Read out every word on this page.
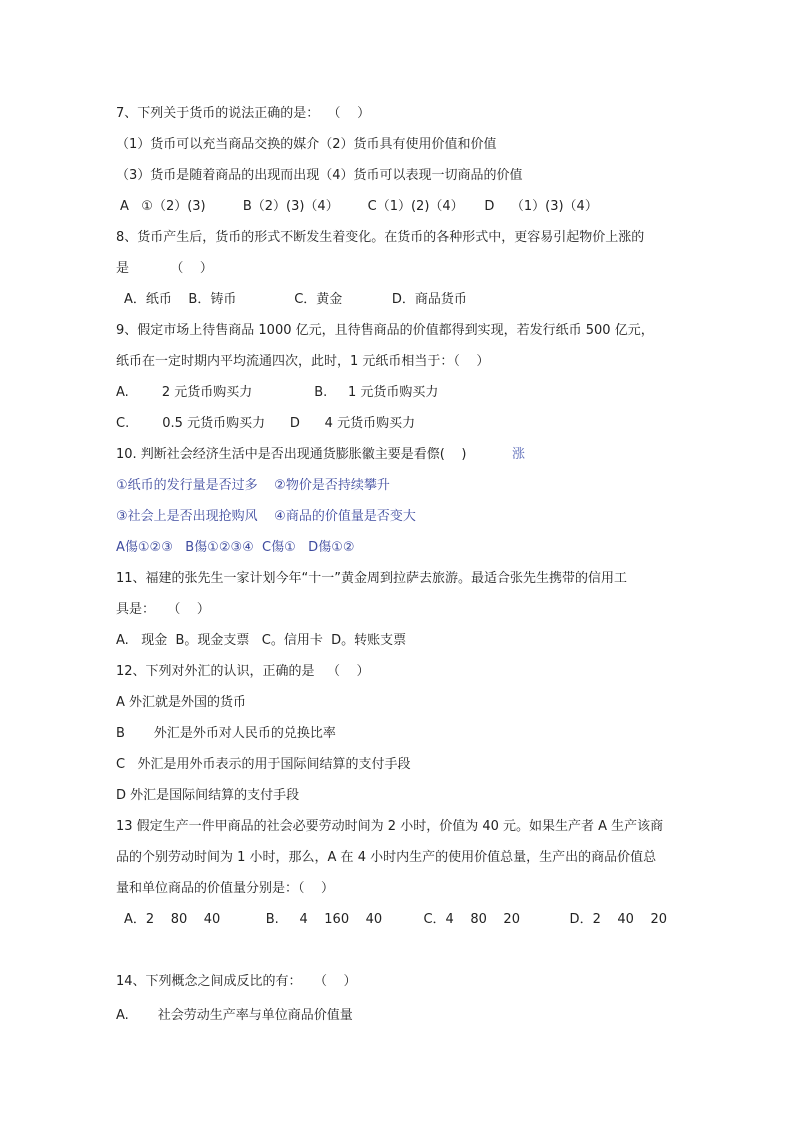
7、下列关于货币的说法正确的是：  （    ）

（1）货币可以充当商品交换的媒介（2）货币具有使用价值和价值

（3）货币是随着商品的出现而出现（4）货币可以表现一切商品的价值

A   ①（2）(3)         B（2）(3)（4）       C（1）(2)（4）     D    （1）(3)（4）

8、货币产生后，货币的形式不断发生着变化。在货币的各种形式中，更容易引起物价上涨的

是          （    ）

A．纸币    B．铸币              C．黄金            D．商品货币

9、假定市场上待售商品 1000 亿元，且待售商品的价值都得到实现，若发行纸币 500 亿元，

纸币在一定时期内平均流通四次，此时，1 元纸币相当于：（    ）

A.        2 元货币购买力               B.     1 元货币购买力

C.        0.5 元货币购买力      D      4 元货币购买力

10. 判断社会经济生活中是否出现通货膨胀徽主要是看傺(    )	涨

①纸币的发行量是否过多    ②物价是否持续攀升

③社会上是否出现抢购风    ④商品的价值量是否变大

A傷①②③   B傷①②③④  C傷①   D傷①②

11、福建的张先生一家计划今年“十一”黄金周到拉萨去旅游。最适合张先生携带的信用工

具是：   （    ）

A.   现金  B。现金支票   C。信用卡  D。转账支票

12、下列对外汇的认识，正确的是   （    ）

A 外汇就是外国的货币

B       外汇是外币对人民币的兑换比率

C   外汇是用外币表示的用于国际间结算的支付手段

D 外汇是国际间结算的支付手段

13 假定生产一件甲商品的社会必要劳动时间为 2 小时，价值为 40 元。如果生产者 A 生产该商

品的个别劳动时间为 1 小时，那么，A 在 4 小时内生产的使用价值总量，生产出的商品价值总

量和单位商品的价值量分别是：（    ）

A．2    80    40           B.     4    160    40          C．4    80    20            D．2    40    20

14、下列概念之间成反比的有：   （    ）

A.       社会劳动生产率与单位商品价值量
